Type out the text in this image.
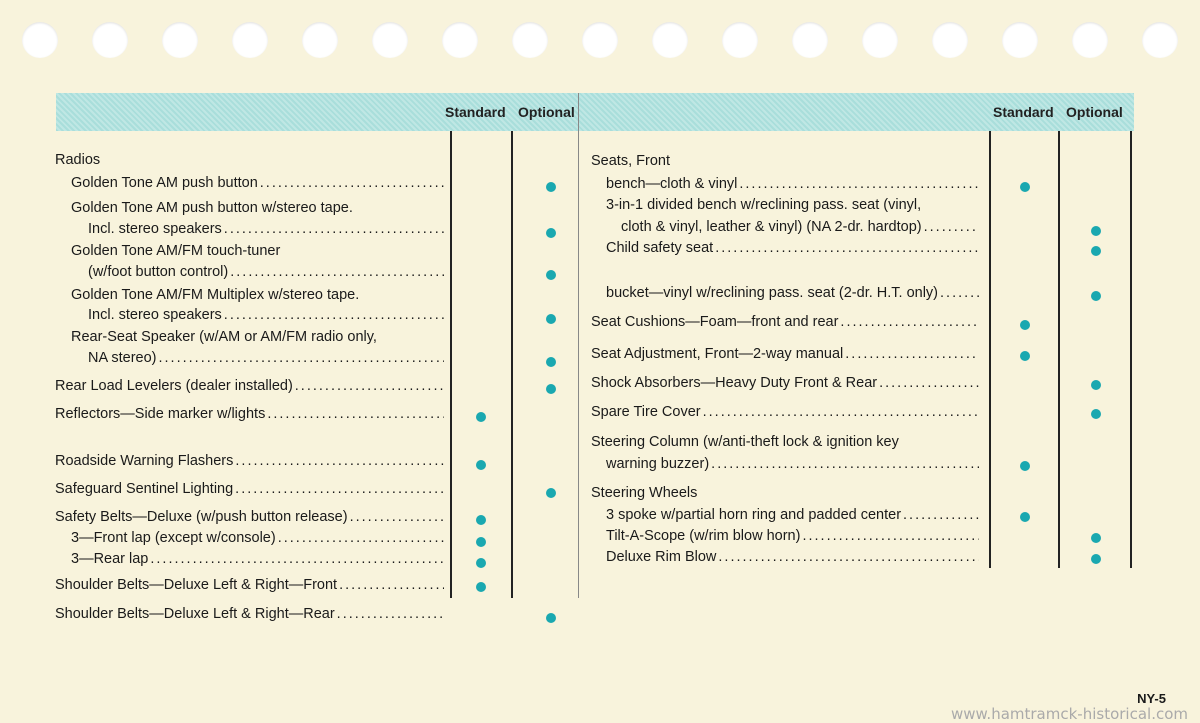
Standard Optional	Standard Optional
Radios
Golden Tone AM push button
.....
Golden Tone AM push button w/stereo tape.
Incl. stereo speakers
.....
Golden Tone AM/FM touch-tuner
(w/foot button control)
.....
Golden Tone AM/FM Multiplex w/stereo tape.
Incl. stereo speakers
.....
Rear-Seat Speaker (w/AM or AM/FM radio only,
NA stereo)
.....
Rear Load Levelers (dealer installed)
.....
Reflectors—Side marker w/lights
.....
Roadside Warning Flashers
.....
Safeguard Sentinel Lighting
.....
Safety Belts—Deluxe (w/push button release)
.....
3—Front lap (except w/console)
.....
3—Rear lap
.....
Shoulder Belts—Deluxe Left & Right—Front
.....
Shoulder Belts—Deluxe Left & Right—Rear
.....
Seats, Front
bench—cloth & vinyl
.....
3-in-1 divided bench w/reclining pass. seat (vinyl,
cloth & vinyl, leather & vinyl) (NA 2-dr. hardtop)
.....
Child safety seat
.....
bucket—vinyl w/reclining pass. seat (2-dr. H.T. only)
.....
Seat Cushions—Foam—front and rear
.....
Seat Adjustment, Front—2-way manual
.....
Shock Absorbers—Heavy Duty Front & Rear
.....
Spare Tire Cover
.....
Steering Column (w/anti-theft lock & ignition key
warning buzzer)
.....
Steering Wheels
3 spoke w/partial horn ring and padded center
.....
Tilt-A-Scope (w/rim blow horn)
.....
Deluxe Rim Blow
.....
NY-5
www.hamtramck-historical.com
